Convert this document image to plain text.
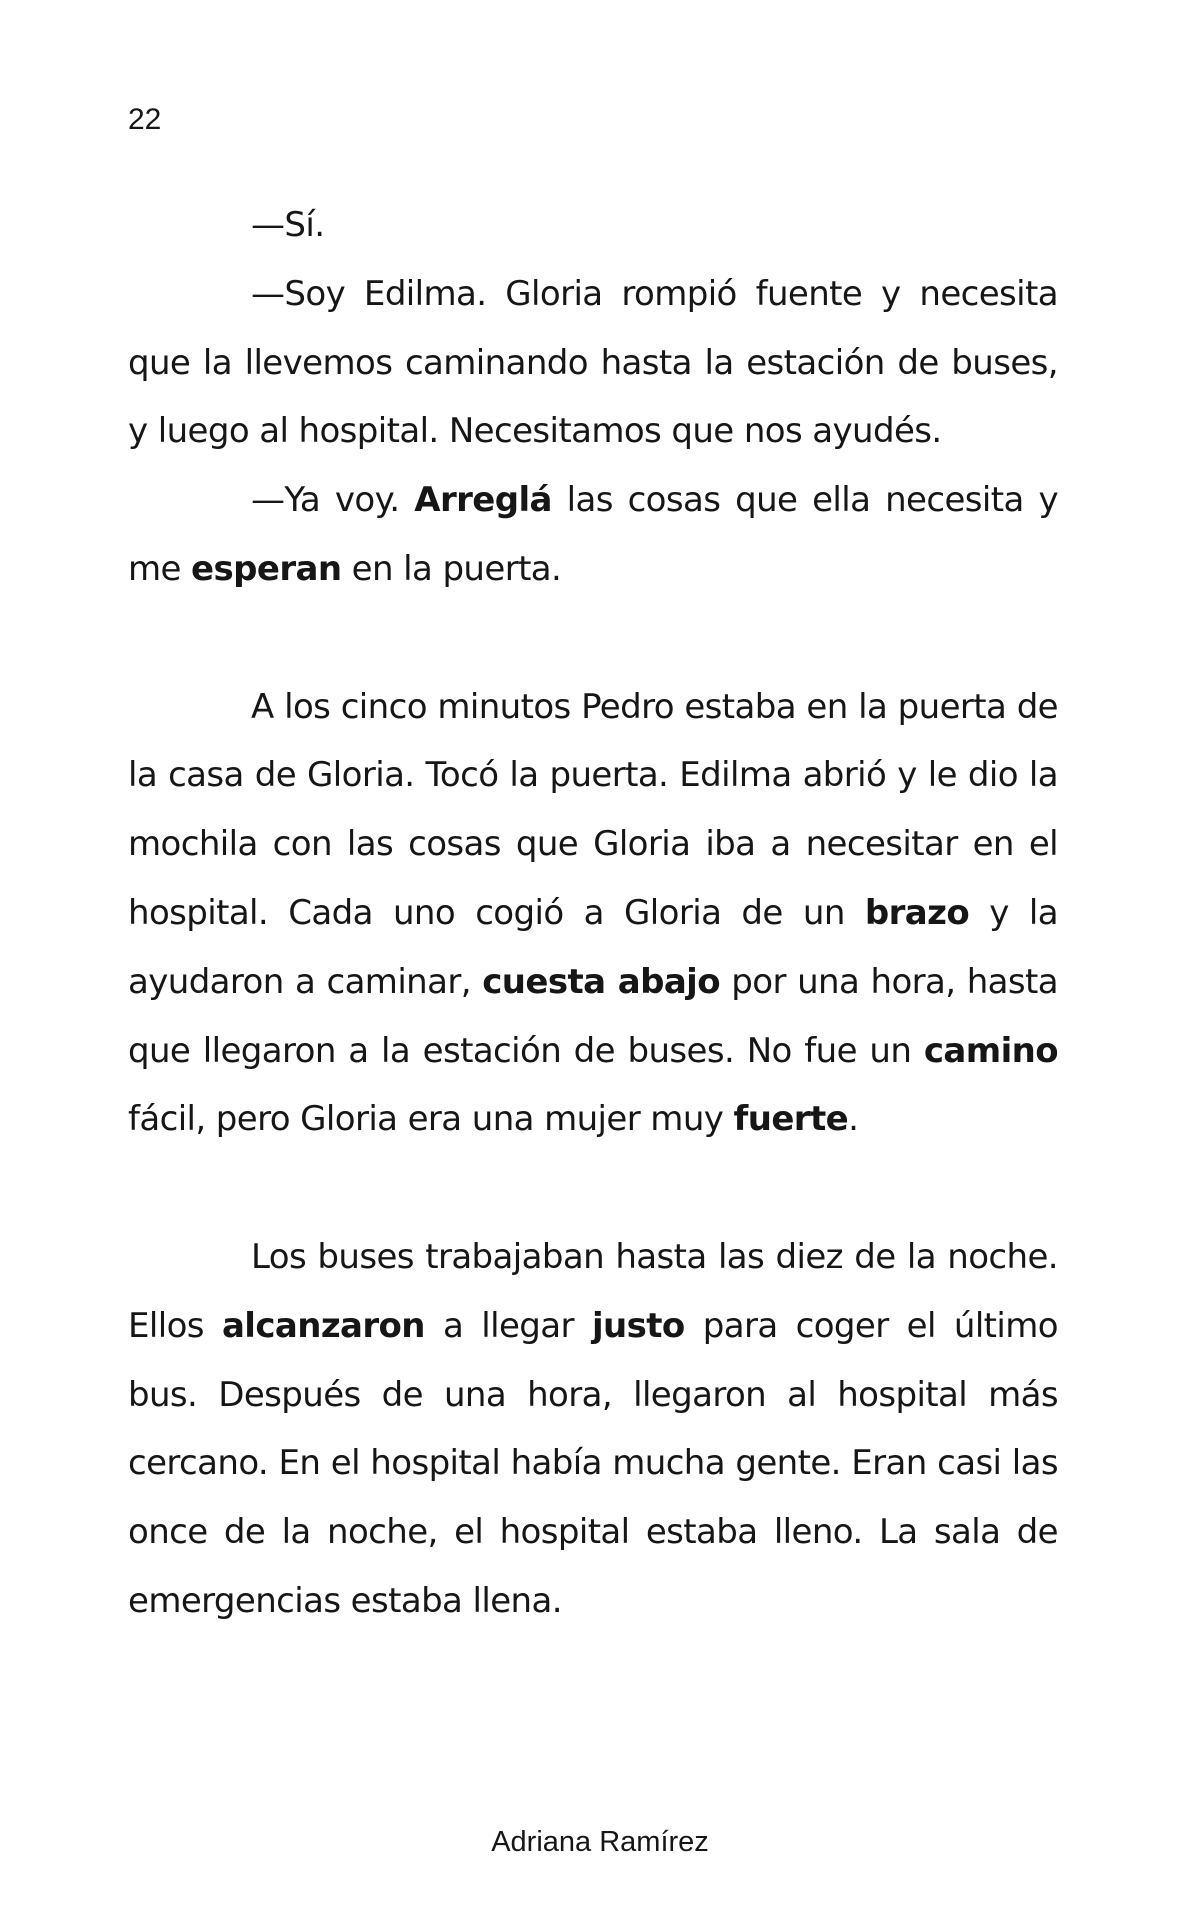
22

—Sí.

—Soy Edilma. Gloria rompió fuente y necesita que la llevemos caminando hasta la estación de buses, y luego al hospital. Necesitamos que nos ayudés.

—Ya voy. Arreglá las cosas que ella necesita y me esperan en la puerta.

A los cinco minutos Pedro estaba en la puerta de la casa de Gloria. Tocó la puerta. Edilma abrió y le dio la mochila con las cosas que Gloria iba a necesitar en el hospital. Cada uno cogió a Gloria de un brazo y la ayudaron a caminar, cuesta abajo por una hora, hasta que llegaron a la estación de buses. No fue un camino fácil, pero Gloria era una mujer muy fuerte.

Los buses trabajaban hasta las diez de la noche. Ellos alcanzaron a llegar justo para coger el último bus. Después de una hora, llegaron al hospital más cercano. En el hospital había mucha gente. Eran casi las once de la noche, el hospital estaba lleno. La sala de emergencias estaba llena.

Adriana Ramírez
